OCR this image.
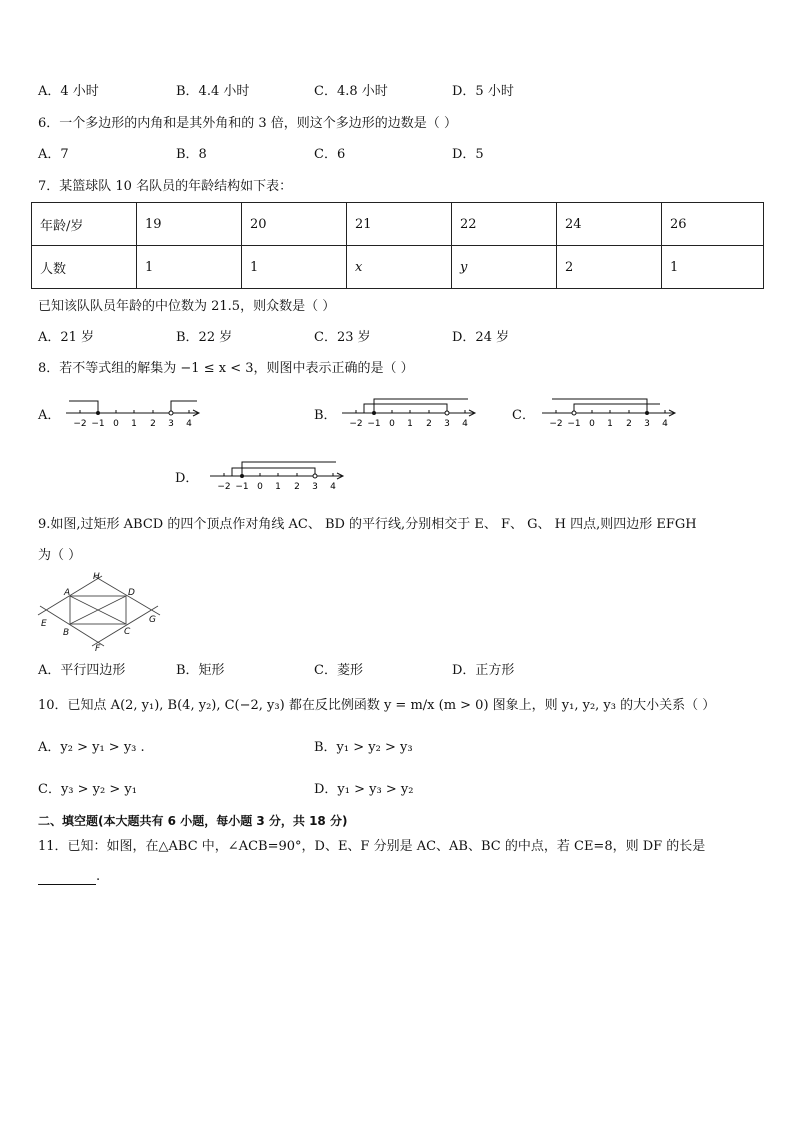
A．4 小时	B．4.4 小时	C．4.8 小时	D．5 小时
6．一个多边形的内角和是其外角和的 3 倍，则这个多边形的边数是（ ）
A．7	B．8	C．6	D．5
7．某篮球队 10 名队员的年龄结构如下表：
年龄/岁	19	20	21	22	24	26
人数	1	1	x	y	2	1
已知该队队员年龄的中位数为 21.5，则众数是（ ）
A．21 岁	B．22 岁	C．23 岁	D．24 岁
8．若不等式组的解集为 −1 ≤ x < 3，则图中表示正确的是（ ）
A．	B．	C．
D．
−2 −1 0 1 2 3 4	−2 −1 0 1 2 3 4	−2 −1 0 1 2 3 4
−2 −1 0 1 2 3 4
9.如图,过矩形 ABCD 的四个顶点作对角线 AC、 BD 的平行线,分别相交于 E、 F、 G、 H 四点,则四边形 EFGH
为（ ）
H
A	D
E	G
B	C
F
A．平行四边形	B．矩形	C．菱形	D．正方形
10．已知点 A(2, y₁), B(4, y₂), C(−2, y₃) 都在反比例函数 y = m/x (m > 0) 图象上，则 y₁, y₂, y₃ 的大小关系（ ）
A．y₂ > y₁ > y₃ .	B．y₁ > y₂ > y₃
C．y₃ > y₂ > y₁	D．y₁ > y₃ > y₂
二、填空题(本大题共有 6 小题，每小题 3 分，共 18 分)
11．已知：如图，在△ABC 中，∠ACB=90°，D、E、F 分别是 AC、AB、BC 的中点，若 CE=8，则 DF 的长是
.
